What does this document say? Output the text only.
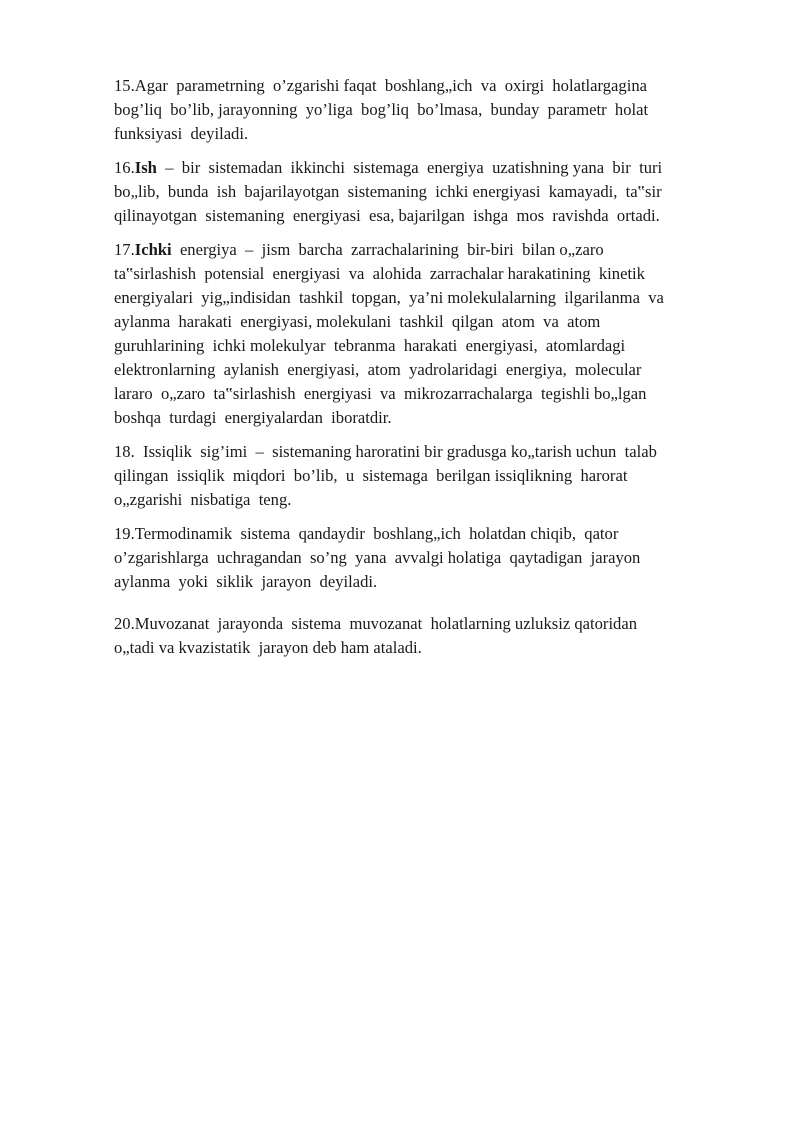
15.Agar  parametrning  o’zgarishi faqat  boshlang„ich  va  oxirgi  holatlargagina
bog’liq  bo’lib, jarayonning  yo’liga  bog’liq  bo’lmasa,  bunday  parametr  holat
funksiyasi  deyiladi.
16.Ish  –  bir  sistemadan  ikkinchi  sistemaga  energiya  uzatishning yana  bir  turi
bo„lib,  bunda  ish  bajarilayotgan  sistemaning  ichki energiyasi  kamayadi,  ta‟sir
qilinayotgan  sistemaning  energiyasi  esa, bajarilgan  ishga  mos  ravishda  ortadi.
17.Ichki  energiya  –  jism  barcha  zarrachalarining  bir-biri  bilan o„zaro
ta‟sirlashish  potensial  energiyasi  va  alohida  zarrachalar harakatining  kinetik
energiyalari  yig„indisidan  tashkil  topgan,  ya’ni molekulalarning  ilgarilanma  va
aylanma  harakati  energiyasi, molekulani  tashkil  qilgan  atom  va  atom
guruhlarining  ichki molekulyar  tebranma  harakati  energiyasi,  atomlardagi
elektronlarning  aylanish  energiyasi,  atom  yadrolaridagi  energiya,  molecular
lararo  o„zaro  ta‟sirlashish  energiyasi  va  mikrozarrachalarga  tegishli bo„lgan
boshqa  turdagi  energiyalardan  iboratdir.
18.  Issiqlik  sig’imi  –  sistemaning haroratini bir gradusga ko„tarish uchun  talab
qilingan  issiqlik  miqdori  bo’lib,  u  sistemaga  berilgan issiqlikning  harorat
o„zgarishi  nisbatiga  teng.
19.Termodinamik  sistema  qandaydir  boshlang„ich  holatdan chiqib,  qator
o’zgarishlarga  uchragandan  so’ng  yana  avvalgi holatiga  qaytadigan  jarayon
aylanma  yoki  siklik  jarayon  deyiladi.
20.Muvozanat  jarayonda  sistema  muvozanat  holatlarning uzluksiz qatoridan
o„tadi va kvazistatik  jarayon deb ham ataladi.
